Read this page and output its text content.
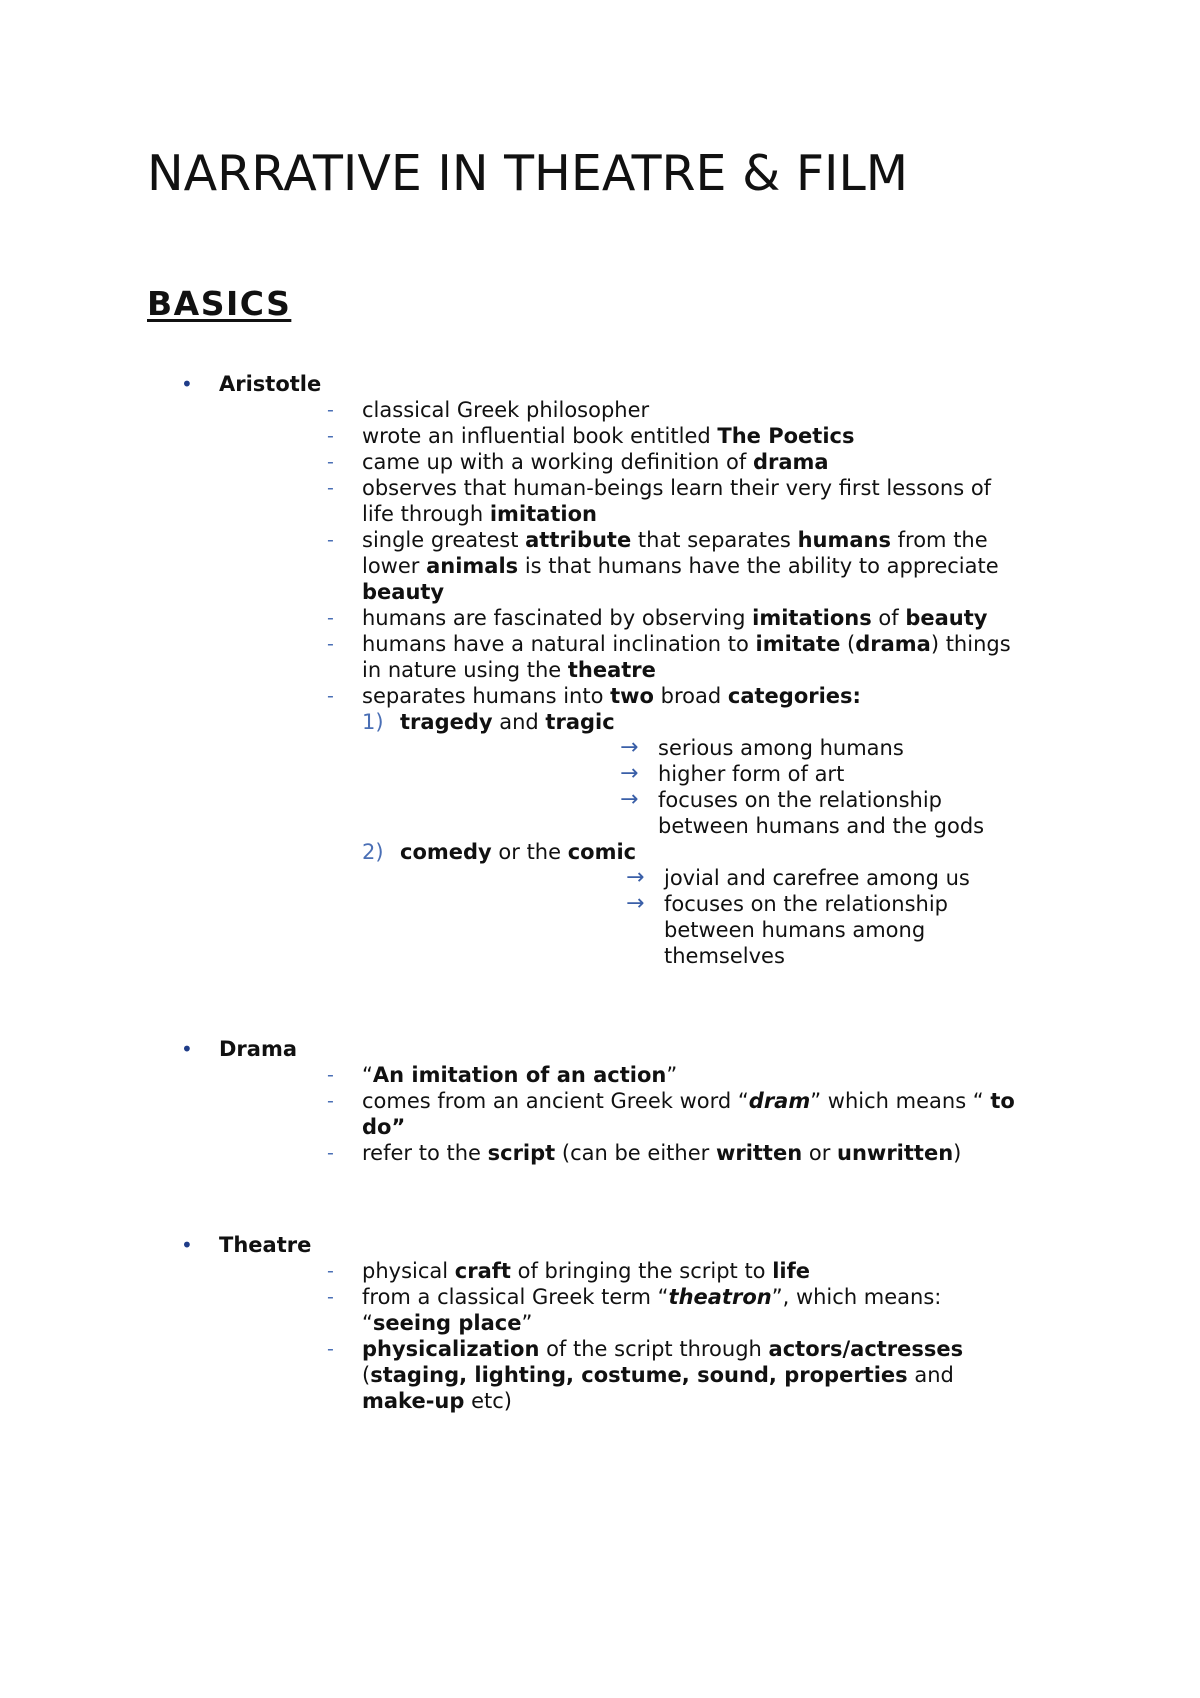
NARRATIVE IN THEATRE & FILM
BASICS
• Aristotle
- classical Greek philosopher
- wrote an influential book entitled The Poetics
- came up with a working definition of drama
- observes that human-beings learn their very first lessons of
life through imitation
- single greatest attribute that separates humans from the
lower animals is that humans have the ability to appreciate
beauty
- humans are fascinated by observing imitations of beauty
- humans have a natural inclination to imitate (drama) things
in nature using the theatre
- separates humans into two broad categories:
1) tragedy and tragic
→ serious among humans
→ higher form of art
→ focuses on the relationship
between humans and the gods
2) comedy or the comic
→ jovial and carefree among us
→ focuses on the relationship
between humans among
themselves
• Drama
- “An imitation of an action”
- comes from an ancient Greek word “dram” which means “ to
do”
- refer to the script (can be either written or unwritten)
• Theatre
- physical craft of bringing the script to life
- from a classical Greek term “theatron”, which means:
“seeing place”
- physicalization of the script through actors/actresses
(staging, lighting, costume, sound, properties and
make-up etc)
